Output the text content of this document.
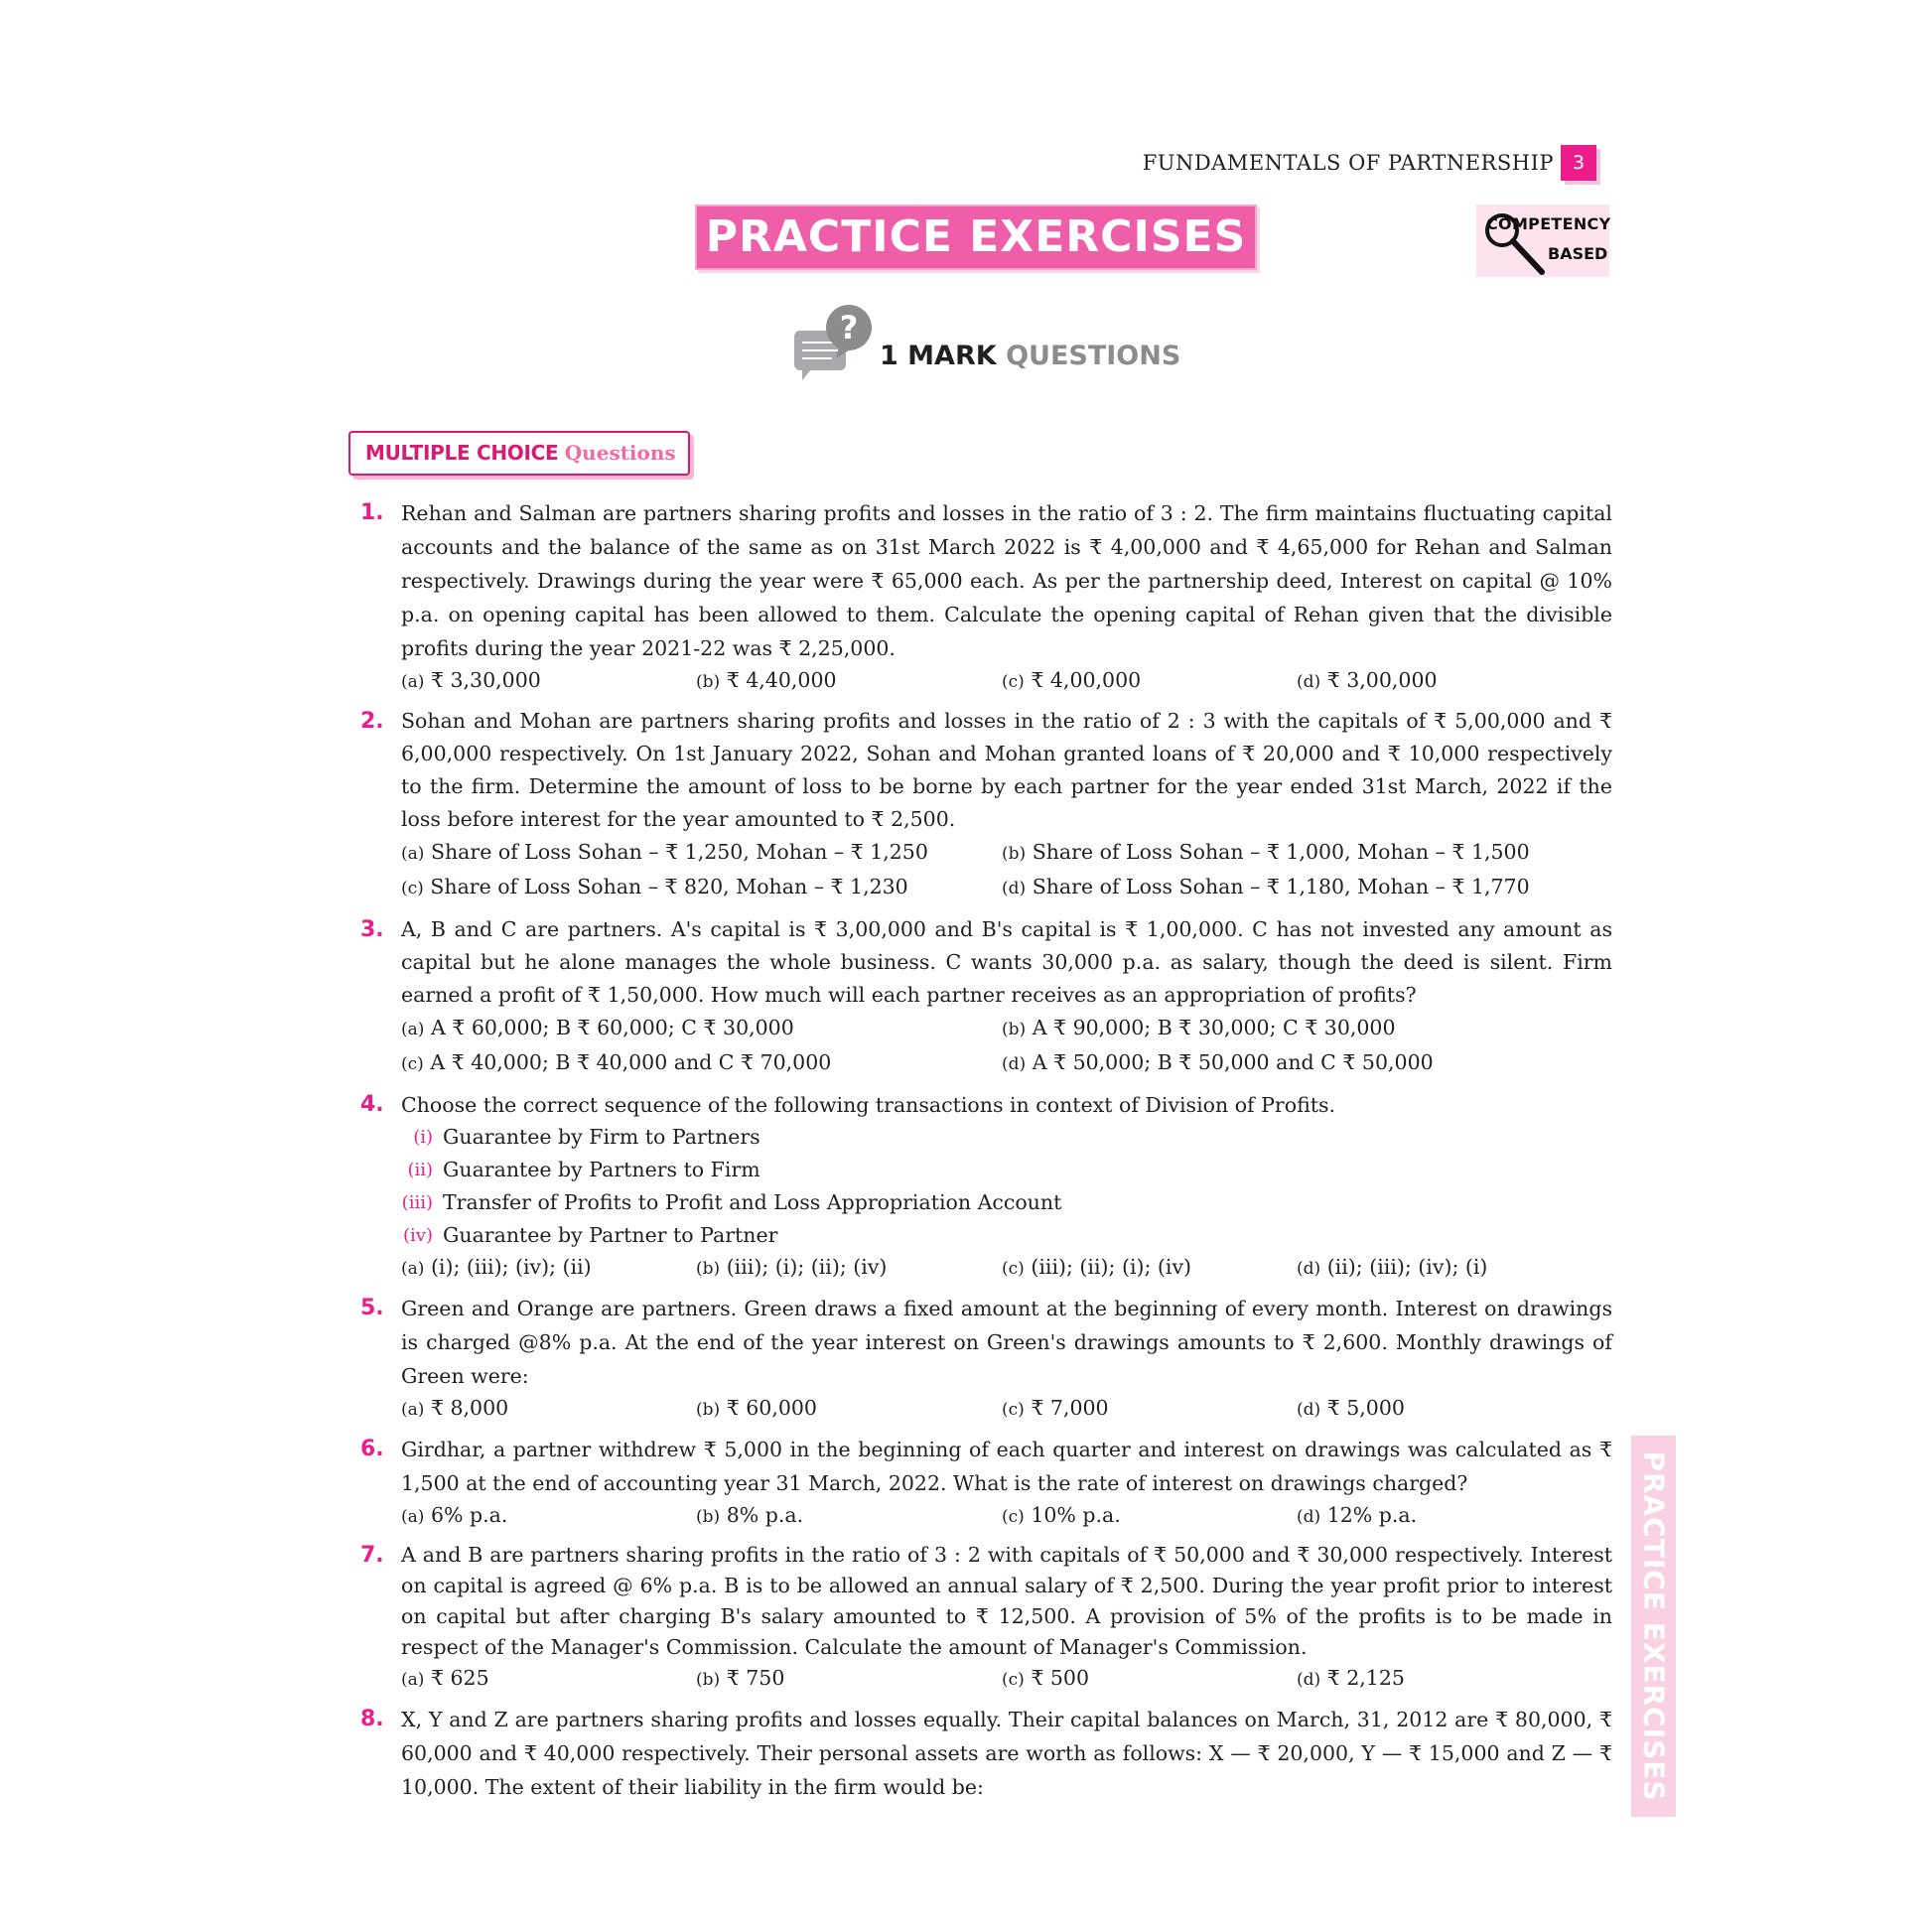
FUNDAMENTALS OF PARTNERSHIP 3
PRACTICE EXERCISES	COMPETENCY
BASED
?
1 MARK QUESTIONS
MULTIPLE CHOICE Questions
1. Rehan and Salman are partners sharing profits and losses in the ratio of 3 : 2. The firm maintains fluctuating capital accounts and the balance of the same as on 31st March 2022 is ₹ 4,00,000 and ₹ 4,65,000 for Rehan and Salman respectively. Drawings during the year were ₹ 65,000 each. As per the partnership deed, Interest on capital @ 10% p.a. on opening capital has been allowed to them. Calculate the opening capital of Rehan given that the divisible profits during the year 2021-22 was ₹ 2,25,000.
(a) ₹ 3,30,000	(b) ₹ 4,40,000	(c) ₹ 4,00,000	(d) ₹ 3,00,000
2. Sohan and Mohan are partners sharing profits and losses in the ratio of 2 : 3 with the capitals of ₹ 5,00,000 and ₹ 6,00,000 respectively. On 1st January 2022, Sohan and Mohan granted loans of ₹ 20,000 and ₹ 10,000 respectively to the firm. Determine the amount of loss to be borne by each partner for the year ended 31st March, 2022 if the loss before interest for the year amounted to ₹ 2,500.
(a) Share of Loss Sohan – ₹ 1,250, Mohan – ₹ 1,250	(b) Share of Loss Sohan – ₹ 1,000, Mohan – ₹ 1,500
(c) Share of Loss Sohan – ₹ 820, Mohan – ₹ 1,230	(d) Share of Loss Sohan – ₹ 1,180, Mohan – ₹ 1,770
3. A, B and C are partners. A's capital is ₹ 3,00,000 and B's capital is ₹ 1,00,000. C has not invested any amount as capital but he alone manages the whole business. C wants 30,000 p.a. as salary, though the deed is silent. Firm earned a profit of ₹ 1,50,000. How much will each partner receives as an appropriation of profits?
(a) A ₹ 60,000; B ₹ 60,000; C ₹ 30,000	(b) A ₹ 90,000; B ₹ 30,000; C ₹ 30,000
(c) A ₹ 40,000; B ₹ 40,000 and C ₹ 70,000	(d) A ₹ 50,000; B ₹ 50,000 and C ₹ 50,000
4. Choose the correct sequence of the following transactions in context of Division of Profits.
(i) Guarantee by Firm to Partners
(ii) Guarantee by Partners to Firm
(iii) Transfer of Profits to Profit and Loss Appropriation Account
(iv) Guarantee by Partner to Partner
(a) (i); (iii); (iv); (ii)	(b) (iii); (i); (ii); (iv)	(c) (iii); (ii); (i); (iv)	(d) (ii); (iii); (iv); (i)
5. Green and Orange are partners. Green draws a fixed amount at the beginning of every month. Interest on drawings is charged @8% p.a. At the end of the year interest on Green's drawings amounts to ₹ 2,600. Monthly drawings of Green were:
(a) ₹ 8,000	(b) ₹ 60,000	(c) ₹ 7,000	(d) ₹ 5,000
6. Girdhar, a partner withdrew ₹ 5,000 in the beginning of each quarter and interest on drawings was calculated as ₹ 1,500 at the end of accounting year 31 March, 2022. What is the rate of interest on drawings charged?
(a) 6% p.a.	(b) 8% p.a.	(c) 10% p.a.	(d) 12% p.a.
7. A and B are partners sharing profits in the ratio of 3 : 2 with capitals of ₹ 50,000 and ₹ 30,000 respectively. Interest on capital is agreed @ 6% p.a. B is to be allowed an annual salary of ₹ 2,500. During the year profit prior to interest on capital but after charging B's salary amounted to ₹ 12,500. A provision of 5% of the profits is to be made in respect of the Manager's Commission. Calculate the amount of Manager's Commission.
(a) ₹ 625	(b) ₹ 750	(c) ₹ 500	(d) ₹ 2,125
8. X, Y and Z are partners sharing profits and losses equally. Their capital balances on March, 31, 2012 are ₹ 80,000, ₹ 60,000 and ₹ 40,000 respectively. Their personal assets are worth as follows: X — ₹ 20,000, Y — ₹ 15,000 and Z — ₹ 10,000. The extent of their liability in the firm would be:	PRACTICE EXERCISES
